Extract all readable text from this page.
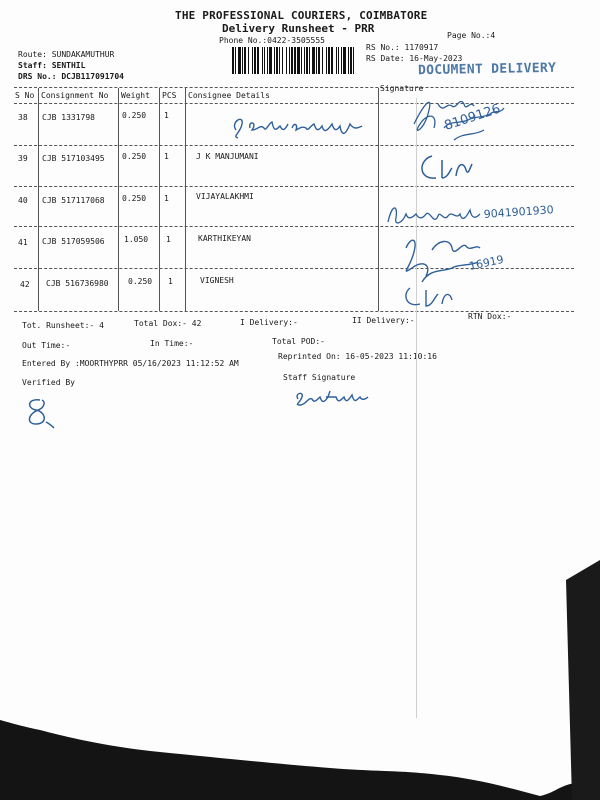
THE PROFESSIONAL COURIERS, COIMBATORE
Delivery Runsheet - PRR
Phone No.:0422-3505555
Page No.:4
Route: SUNDAKAMUTHUR
Staff: SENTHIL
DRS No.: DCJB117091704
RS No.: 1170917
RS Date: 16-May-2023
DOCUMENT DELIVERY
S No Consignment No Weight PCS Consignee Details
Signature
38 CJB 1331798	0.250 1
39 CJB 517103495 0.250 1	J K MANJUMANI
40 CJB 517117068 0.250 1	VIJAYALAKHMI
41 CJB 517059506 1.050 1	KARTHIKEYAN
42 CJB 516736980 0.250 1	VIGNESH
Tot. Runsheet:- 4	Total Dox:- 42	I Delivery:-	II Delivery:-	RTN Dox:-
Out Time:-	In Time:-	Total POD:-
Entered By :MOORTHYPRR 05/16/2023 11:12:52 AM
Reprinted On: 16-05-2023 11:10:16
Staff Signature
Verified By
8109126
9041901930
16919
